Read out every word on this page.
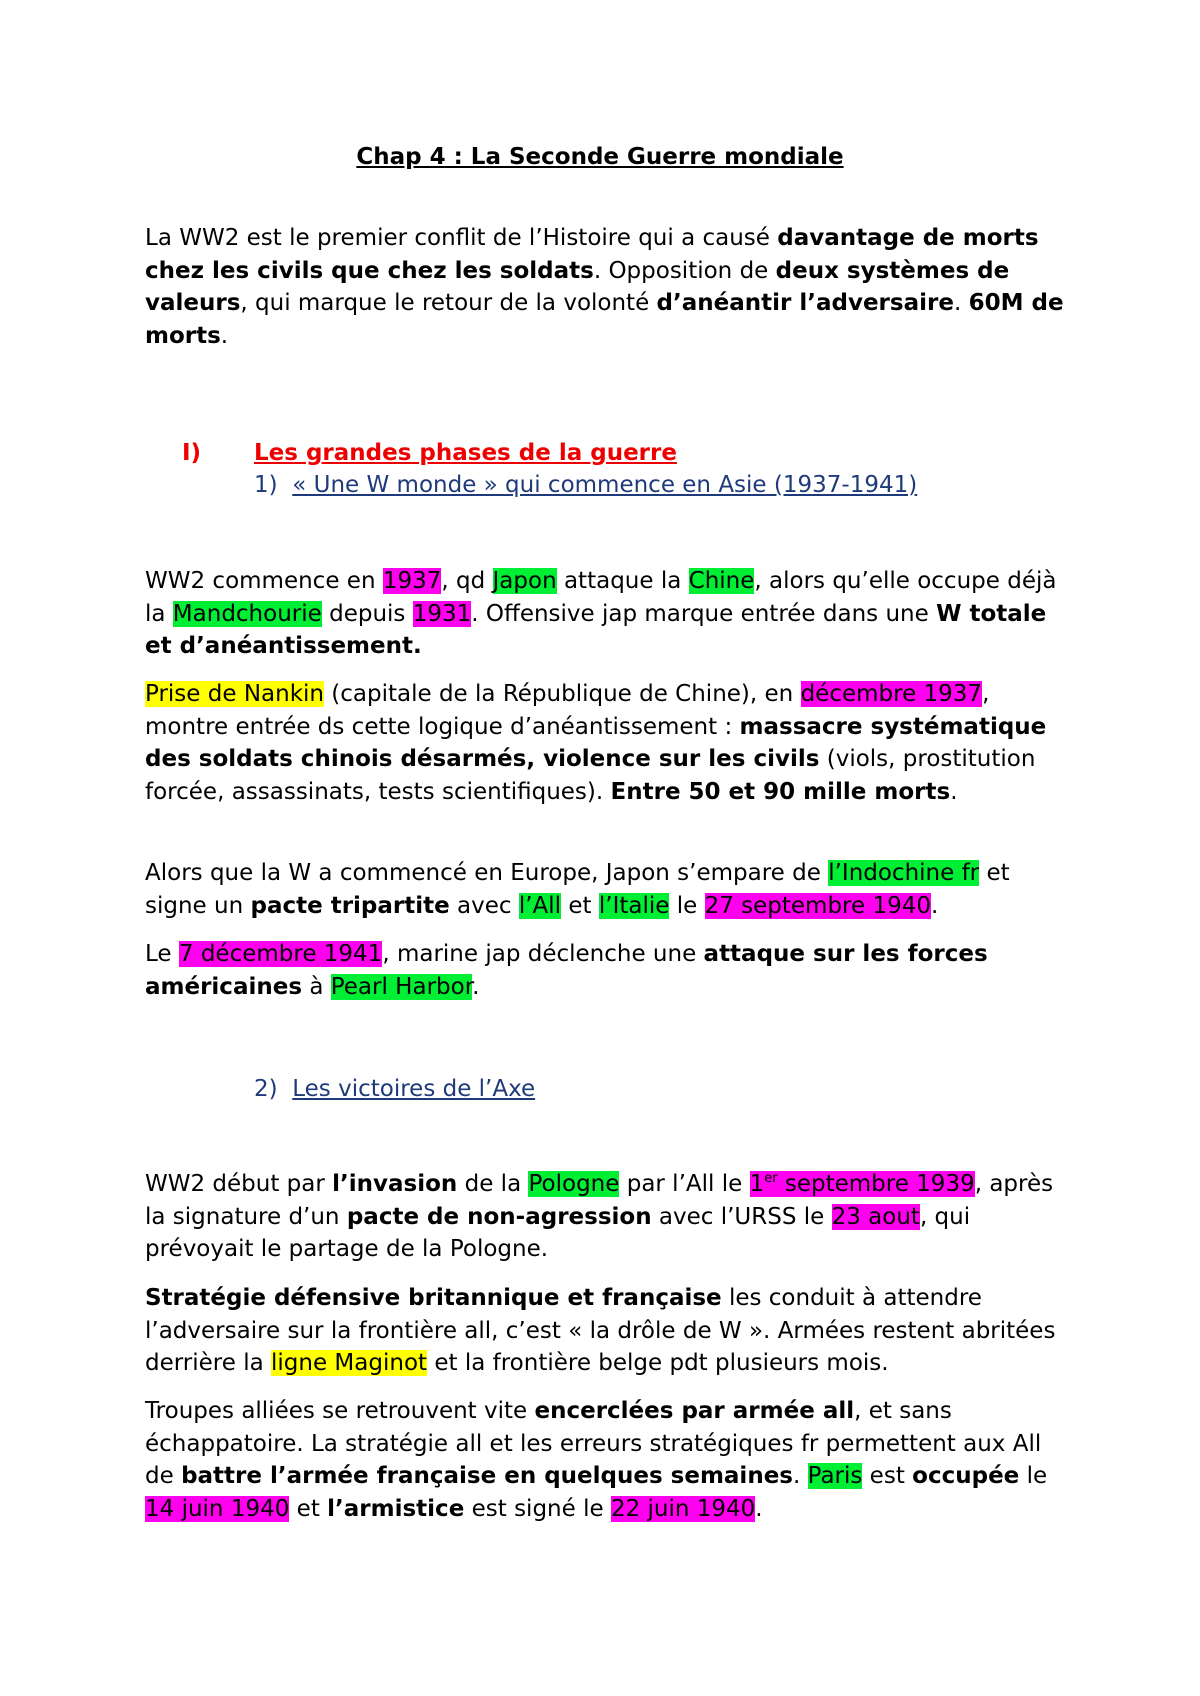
Chap 4 : La Seconde Guerre mondiale

La WW2 est le premier conflit de l’Histoire qui a causé davantage de morts chez les civils que chez les soldats. Opposition de deux systèmes de valeurs, qui marque le retour de la volonté d’anéantir l’adversaire. 60M de morts.

I) Les grandes phases de la guerre
1) « Une W monde » qui commence en Asie (1937-1941)

WW2 commence en 1937, qd Japon attaque la Chine, alors qu’elle occupe déjà la Mandchourie depuis 1931. Offensive jap marque entrée dans une W totale et d’anéantissement.

Prise de Nankin (capitale de la République de Chine), en décembre 1937, montre entrée ds cette logique d’anéantissement : massacre systématique des soldats chinois désarmés, violence sur les civils (viols, prostitution forcée, assassinats, tests scientifiques). Entre 50 et 90 mille morts.

Alors que la W a commencé en Europe, Japon s’empare de l’Indochine fr et signe un pacte tripartite avec l’All et l’Italie le 27 septembre 1940.

Le 7 décembre 1941, marine jap déclenche une attaque sur les forces américaines à Pearl Harbor.

2) Les victoires de l’Axe

WW2 début par l’invasion de la Pologne par l’All le 1er septembre 1939, après la signature d’un pacte de non-agression avec l’URSS le 23 aout, qui prévoyait le partage de la Pologne.

Stratégie défensive britannique et française les conduit à attendre l’adversaire sur la frontière all, c’est « la drôle de W ». Armées restent abritées derrière la ligne Maginot et la frontière belge pdt plusieurs mois.

Troupes alliées se retrouvent vite encerclées par armée all, et sans échappatoire. La stratégie all et les erreurs stratégiques fr permettent aux All de battre l’armée française en quelques semaines. Paris est occupée le 14 juin 1940 et l’armistice est signé le 22 juin 1940.
